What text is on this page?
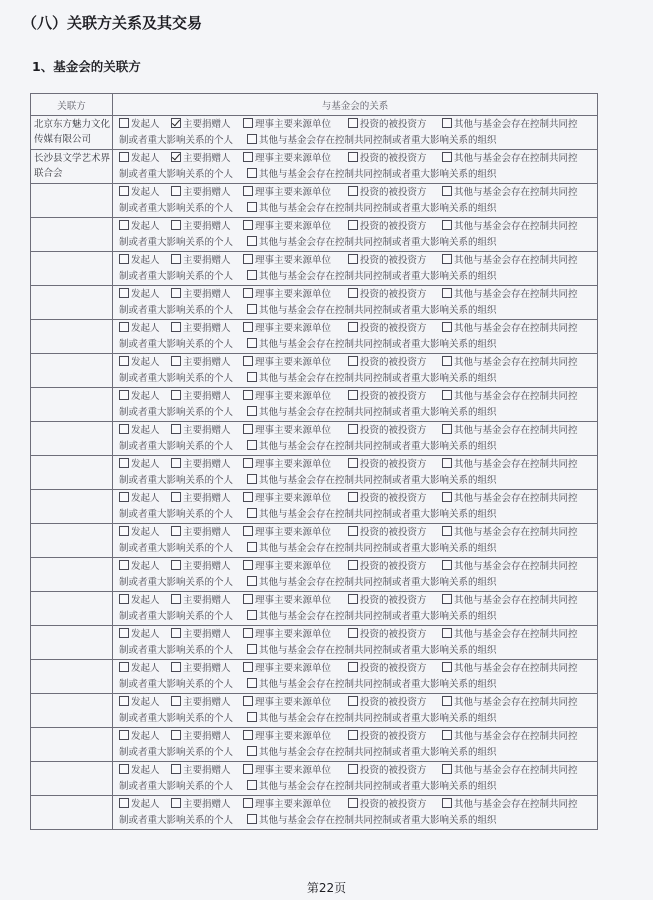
（八）关联方关系及其交易
1、基金会的关联方
关联方	与基金会的关系
北京东方魅力文化传媒有限公司	发起人 主要捐赠人 理事主要来源单位 投资的被投资方 其他与基金会存在控制共同控
制或者重大影响关系的个人 其他与基金会存在控制共同控制或者重大影响关系的组织

长沙县文学艺术界联合会	发起人 主要捐赠人 理事主要来源单位 投资的被投资方 其他与基金会存在控制共同控
制或者重大影响关系的个人 其他与基金会存在控制共同控制或者重大影响关系的组织

	发起人 主要捐赠人 理事主要来源单位 投资的被投资方 其他与基金会存在控制共同控
制或者重大影响关系的个人 其他与基金会存在控制共同控制或者重大影响关系的组织

	发起人 主要捐赠人 理事主要来源单位 投资的被投资方 其他与基金会存在控制共同控
制或者重大影响关系的个人 其他与基金会存在控制共同控制或者重大影响关系的组织

	发起人 主要捐赠人 理事主要来源单位 投资的被投资方 其他与基金会存在控制共同控
制或者重大影响关系的个人 其他与基金会存在控制共同控制或者重大影响关系的组织

	发起人 主要捐赠人 理事主要来源单位 投资的被投资方 其他与基金会存在控制共同控
制或者重大影响关系的个人 其他与基金会存在控制共同控制或者重大影响关系的组织

	发起人 主要捐赠人 理事主要来源单位 投资的被投资方 其他与基金会存在控制共同控
制或者重大影响关系的个人 其他与基金会存在控制共同控制或者重大影响关系的组织

	发起人 主要捐赠人 理事主要来源单位 投资的被投资方 其他与基金会存在控制共同控
制或者重大影响关系的个人 其他与基金会存在控制共同控制或者重大影响关系的组织

	发起人 主要捐赠人 理事主要来源单位 投资的被投资方 其他与基金会存在控制共同控
制或者重大影响关系的个人 其他与基金会存在控制共同控制或者重大影响关系的组织

	发起人 主要捐赠人 理事主要来源单位 投资的被投资方 其他与基金会存在控制共同控
制或者重大影响关系的个人 其他与基金会存在控制共同控制或者重大影响关系的组织

	发起人 主要捐赠人 理事主要来源单位 投资的被投资方 其他与基金会存在控制共同控
制或者重大影响关系的个人 其他与基金会存在控制共同控制或者重大影响关系的组织

	发起人 主要捐赠人 理事主要来源单位 投资的被投资方 其他与基金会存在控制共同控
制或者重大影响关系的个人 其他与基金会存在控制共同控制或者重大影响关系的组织

	发起人 主要捐赠人 理事主要来源单位 投资的被投资方 其他与基金会存在控制共同控
制或者重大影响关系的个人 其他与基金会存在控制共同控制或者重大影响关系的组织

	发起人 主要捐赠人 理事主要来源单位 投资的被投资方 其他与基金会存在控制共同控
制或者重大影响关系的个人 其他与基金会存在控制共同控制或者重大影响关系的组织

	发起人 主要捐赠人 理事主要来源单位 投资的被投资方 其他与基金会存在控制共同控
制或者重大影响关系的个人 其他与基金会存在控制共同控制或者重大影响关系的组织

	发起人 主要捐赠人 理事主要来源单位 投资的被投资方 其他与基金会存在控制共同控
制或者重大影响关系的个人 其他与基金会存在控制共同控制或者重大影响关系的组织

	发起人 主要捐赠人 理事主要来源单位 投资的被投资方 其他与基金会存在控制共同控
制或者重大影响关系的个人 其他与基金会存在控制共同控制或者重大影响关系的组织

	发起人 主要捐赠人 理事主要来源单位 投资的被投资方 其他与基金会存在控制共同控
制或者重大影响关系的个人 其他与基金会存在控制共同控制或者重大影响关系的组织

	发起人 主要捐赠人 理事主要来源单位 投资的被投资方 其他与基金会存在控制共同控
制或者重大影响关系的个人 其他与基金会存在控制共同控制或者重大影响关系的组织

	发起人 主要捐赠人 理事主要来源单位 投资的被投资方 其他与基金会存在控制共同控
制或者重大影响关系的个人 其他与基金会存在控制共同控制或者重大影响关系的组织

	发起人 主要捐赠人 理事主要来源单位 投资的被投资方 其他与基金会存在控制共同控
制或者重大影响关系的个人 其他与基金会存在控制共同控制或者重大影响关系的组织
第22页
